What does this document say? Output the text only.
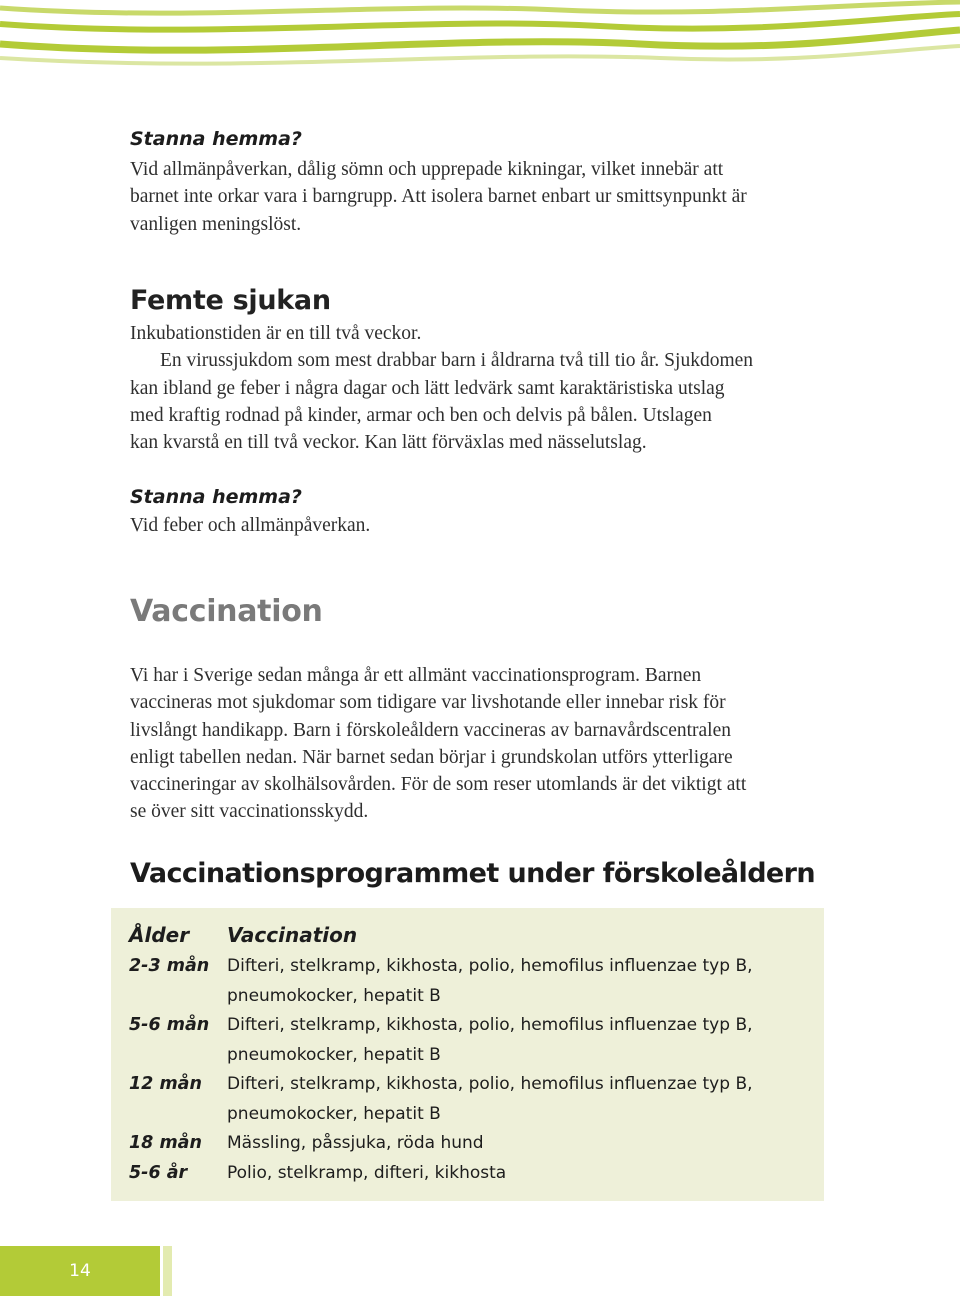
Stanna hemma?
Vid allmänpåverkan, dålig sömn och upprepade kikningar, vilket innebär att
barnet inte orkar vara i barngrupp. Att isolera barnet enbart ur smittsynpunkt är
vanligen meningslöst.
Femte sjukan
Inkubationstiden är en till två veckor.
En virussjukdom som mest drabbar barn i åldrarna två till tio år. Sjukdomen
kan ibland ge feber i några dagar och lätt ledvärk samt karaktäristiska utslag
med kraftig rodnad på kinder, armar och ben och delvis på bålen. Utslagen
kan kvarstå en till två veckor. Kan lätt förväxlas med nässelutslag.
Stanna hemma?
Vid feber och allmänpåverkan.
Vaccination
Vi har i Sverige sedan många år ett allmänt vaccinationsprogram. Barnen
vaccineras mot sjukdomar som tidigare var livshotande eller innebar risk för
livslångt handikapp. Barn i förskoleåldern vaccineras av barnavårdscentralen
enligt tabellen nedan. När barnet sedan börjar i grundskolan utförs ytterligare
vaccineringar av skolhälsovården. För de som reser utomlands är det viktigt att
se över sitt vaccinationsskydd.
Vaccinationsprogrammet under förskoleåldern
Ålder Vaccination
2-3 mån Difteri, stelkramp, kikhosta, polio, hemofilus influenzae typ B,
pneumokocker, hepatit B
5-6 mån Difteri, stelkramp, kikhosta, polio, hemofilus influenzae typ B,
pneumokocker, hepatit B
12 mån Difteri, stelkramp, kikhosta, polio, hemofilus influenzae typ B,
pneumokocker, hepatit B
18 mån Mässling, påssjuka, röda hund
5-6 år Polio, stelkramp, difteri, kikhosta
14
